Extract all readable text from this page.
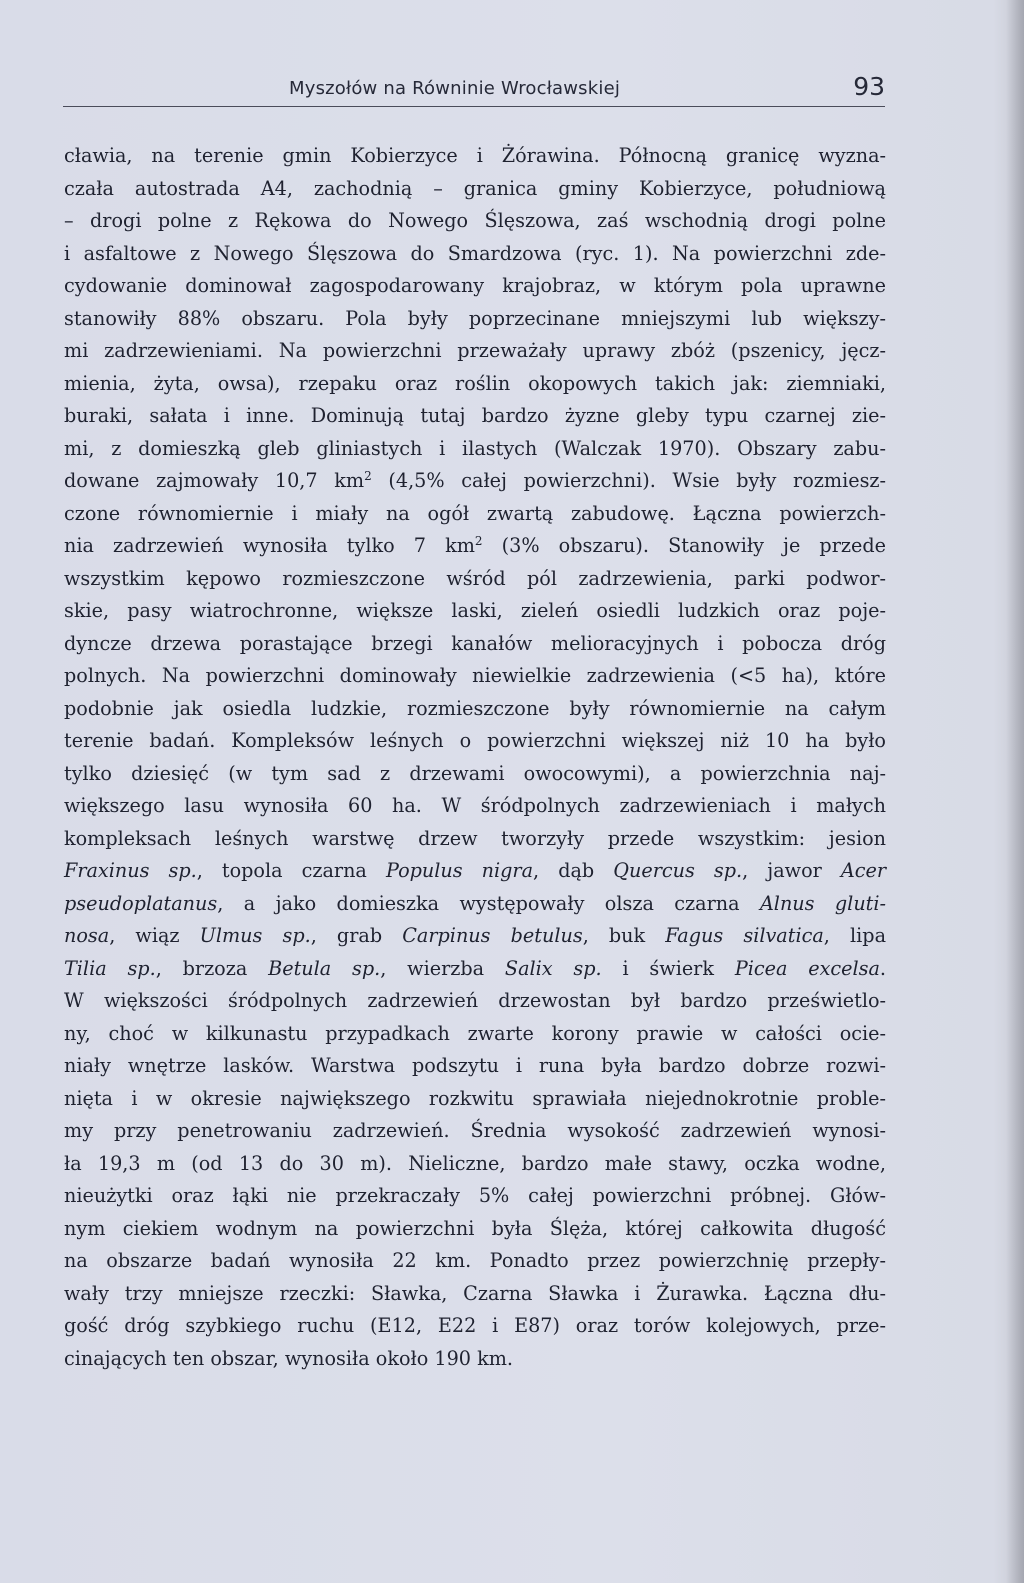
Myszołów na Równinie Wrocławskiej	93
cławia, na terenie gmin Kobierzyce i Żórawina. Północną granicę wyzna-
czała autostrada A4, zachodnią – granica gminy Kobierzyce, południową
– drogi polne z Rękowa do Nowego Ślęszowa, zaś wschodnią drogi polne
i asfaltowe z Nowego Ślęszowa do Smardzowa (ryc. 1). Na powierzchni zde-
cydowanie dominował zagospodarowany krajobraz, w którym pola uprawne
stanowiły 88% obszaru. Pola były poprzecinane mniejszymi lub większy-
mi zadrzewieniami. Na powierzchni przeważały uprawy zbóż (pszenicy, jęcz-
mienia, żyta, owsa), rzepaku oraz roślin okopowych takich jak: ziemniaki,
buraki, sałata i inne. Dominują tutaj bardzo żyzne gleby typu czarnej zie-
mi, z domieszką gleb gliniastych i ilastych (Walczak 1970). Obszary zabu-
dowane zajmowały 10,7 $km^2$ (4,5% całej powierzchni). Wsie były rozmiesz-
czone równomiernie i miały na ogół zwartą zabudowę. Łączna powierzch-
nia zadrzewień wynosiła tylko 7 $km^2$ (3% obszaru). Stanowiły je przede
wszystkim kępowo rozmieszczone wśród pól zadrzewienia, parki podwor-
skie, pasy wiatrochronne, większe laski, zieleń osiedli ludzkich oraz poje-
dyncze drzewa porastające brzegi kanałów melioracyjnych i pobocza dróg
polnych. Na powierzchni dominowały niewielkie zadrzewienia (<5 ha), które
podobnie jak osiedla ludzkie, rozmieszczone były równomiernie na całym
terenie badań. Kompleksów leśnych o powierzchni większej niż 10 ha było
tylko dziesięć (w tym sad z drzewami owocowymi), a powierzchnia naj-
większego lasu wynosiła 60 ha. W śródpolnych zadrzewieniach i małych
kompleksach leśnych warstwę drzew tworzyły przede wszystkim: jesion
Fraxinus sp., topola czarna Populus nigra, dąb Quercus sp., jawor Acer
pseudoplatanus, a jako domieszka występowały olsza czarna Alnus gluti-
nosa, wiąz Ulmus sp., grab Carpinus betulus, buk Fagus silvatica, lipa
Tilia sp., brzoza Betula sp., wierzba Salix sp. i świerk Picea excelsa.
W większości śródpolnych zadrzewień drzewostan był bardzo prześwietlo-
ny, choć w kilkunastu przypadkach zwarte korony prawie w całości ocie-
niały wnętrze lasków. Warstwa podszytu i runa była bardzo dobrze rozwi-
nięta i w okresie największego rozkwitu sprawiała niejednokrotnie proble-
my przy penetrowaniu zadrzewień. Średnia wysokość zadrzewień wynosi-
ła 19,3 m (od 13 do 30 m). Nieliczne, bardzo małe stawy, oczka wodne,
nieużytki oraz łąki nie przekraczały 5% całej powierzchni próbnej. Głów-
nym ciekiem wodnym na powierzchni była Ślęża, której całkowita długość
na obszarze badań wynosiła 22 km. Ponadto przez powierzchnię przepły-
wały trzy mniejsze rzeczki: Sławka, Czarna Sławka i Żurawka. Łączna dłu-
gość dróg szybkiego ruchu (E12, E22 i E87) oraz torów kolejowych, prze-
cinających ten obszar, wynosiła około 190 km.
